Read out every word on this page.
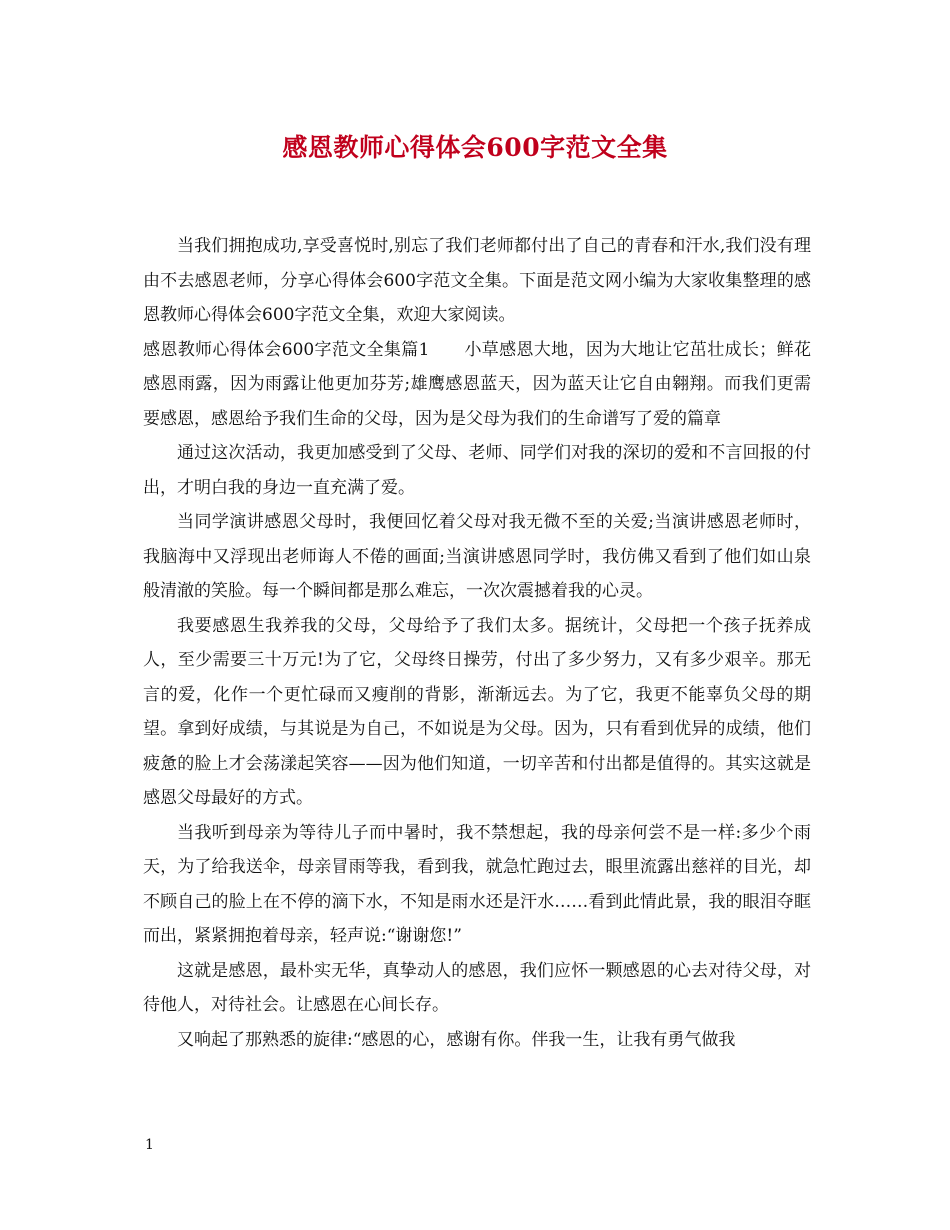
感恩教师心得体会600字范文全集

当我们拥抱成功,享受喜悦时,别忘了我们老师都付出了自己的青春和汗水,我们没有理由不去感恩老师，分享心得体会600字范文全集。下面是范文网小编为大家收集整理的感恩教师心得体会600字范文全集，欢迎大家阅读。

感恩教师心得体会600字范文全集篇1　　小草感恩大地，因为大地让它茁壮成长；鲜花感恩雨露，因为雨露让他更加芬芳;雄鹰感恩蓝天，因为蓝天让它自由翱翔。而我们更需要感恩，感恩给予我们生命的父母，因为是父母为我们的生命谱写了爱的篇章

通过这次活动，我更加感受到了父母、老师、同学们对我的深切的爱和不言回报的付出，才明白我的身边一直充满了爱。

当同学演讲感恩父母时，我便回忆着父母对我无微不至的关爱;当演讲感恩老师时，我脑海中又浮现出老师诲人不倦的画面;当演讲感恩同学时，我仿佛又看到了他们如山泉般清澈的笑脸。每一个瞬间都是那么难忘，一次次震撼着我的心灵。

我要感恩生我养我的父母，父母给予了我们太多。据统计，父母把一个孩子抚养成人，至少需要三十万元!为了它，父母终日操劳，付出了多少努力，又有多少艰辛。那无言的爱，化作一个更忙碌而又瘦削的背影，渐渐远去。为了它，我更不能辜负父母的期望。拿到好成绩，与其说是为自己，不如说是为父母。因为，只有看到优异的成绩，他们疲惫的脸上才会荡漾起笑容——因为他们知道，一切辛苦和付出都是值得的。其实这就是感恩父母最好的方式。

当我听到母亲为等待儿子而中暑时，我不禁想起，我的母亲何尝不是一样:多少个雨天，为了给我送伞，母亲冒雨等我，看到我，就急忙跑过去，眼里流露出慈祥的目光，却不顾自己的脸上在不停的滴下水，不知是雨水还是汗水……看到此情此景，我的眼泪夺眶而出，紧紧拥抱着母亲，轻声说:“谢谢您!”

这就是感恩，最朴实无华，真挚动人的感恩，我们应怀一颗感恩的心去对待父母，对待他人，对待社会。让感恩在心间长存。

又响起了那熟悉的旋律:“感恩的心，感谢有你。伴我一生，让我有勇气做我

1
